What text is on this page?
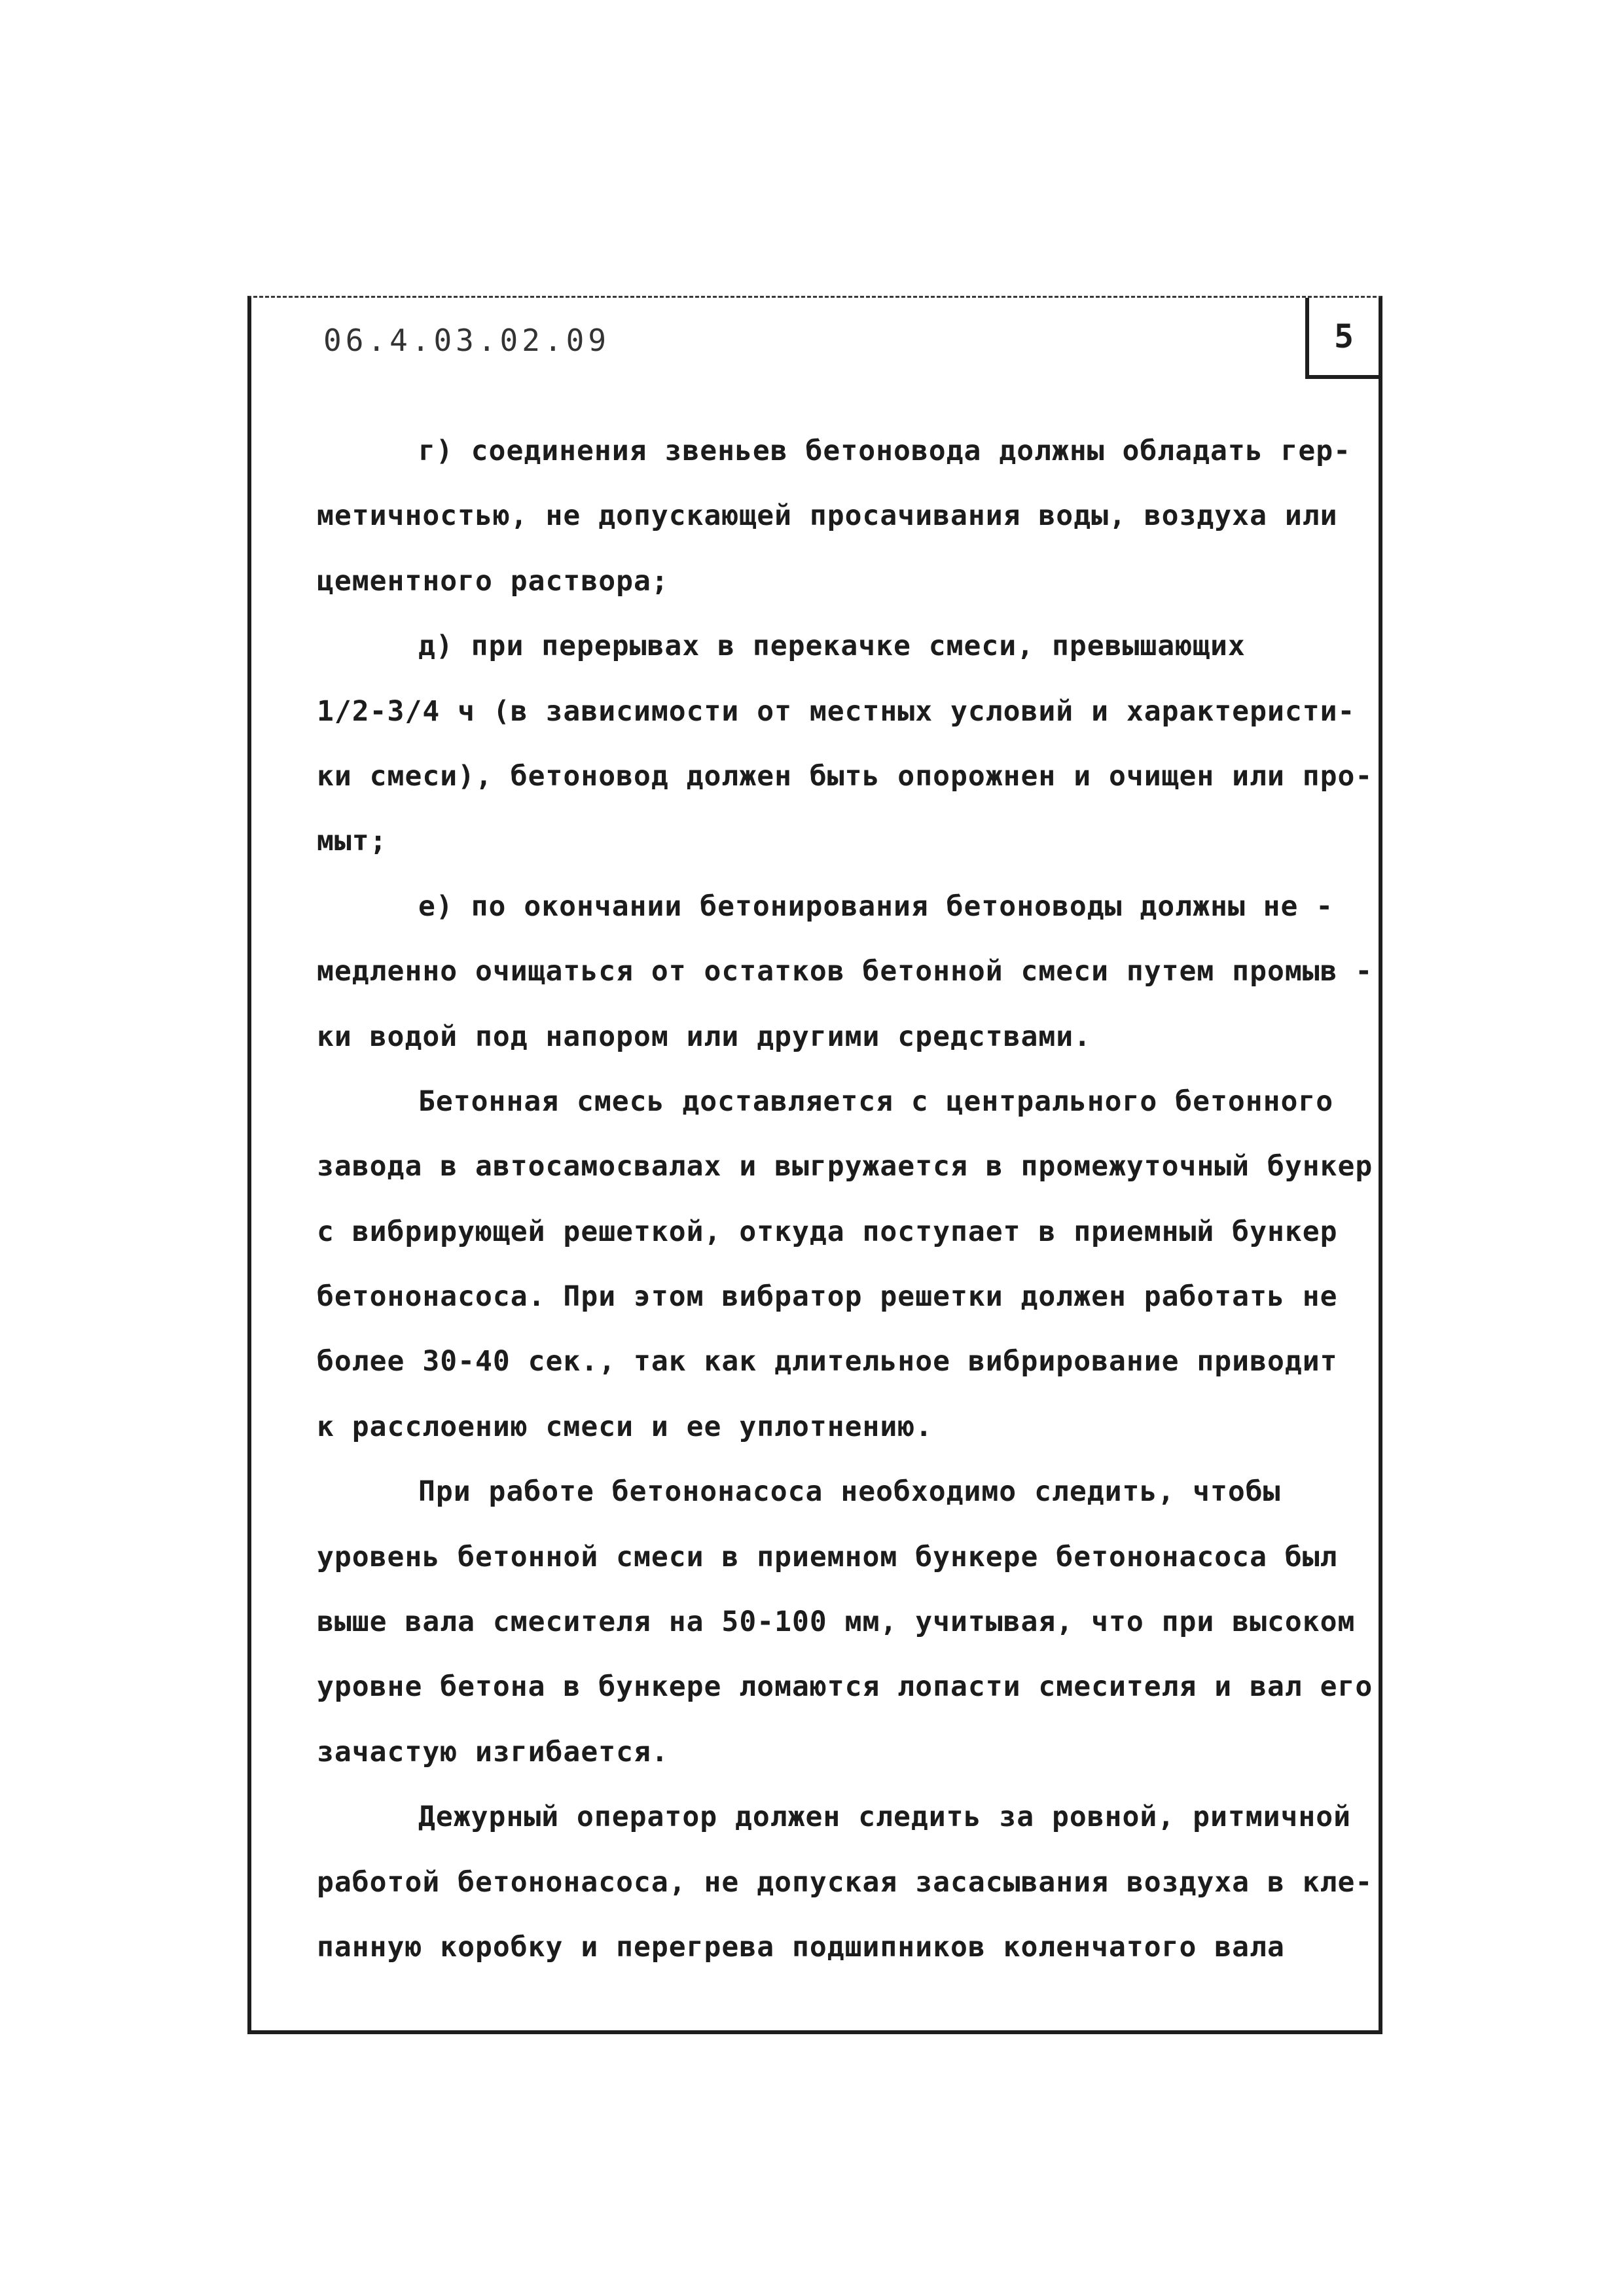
06.4.03.02.09	5
г) соединения звеньев бетоновода должны обладать гер-
метичностью, не допускающей просачивания воды, воздуха или
цементного раствора;
д) при перерывах в перекачке смеси, превышающих
1/2-3/4 ч (в зависимости от местных условий и характеристи-
ки смеси), бетоновод должен быть опорожнен и очищен или про-
мыт;
е) по окончании бетонирования бетоноводы должны не -
медленно очищаться от остатков бетонной смеси путем промыв -
ки водой под напором или другими средствами.
Бетонная смесь доставляется с центрального бетонного
завода в автосамосвалах и выгружается в промежуточный бункер
с вибрирующей решеткой, откуда поступает в приемный бункер
бетононасоса. При этом вибратор решетки должен работать не
более 30-40 сек., так как длительное вибрирование приводит
к расслоению смеси и ее уплотнению.
При работе бетононасоса необходимо следить, чтобы
уровень бетонной смеси в приемном бункере бетононасоса был
выше вала смесителя на 50-100 мм, учитывая, что при высоком
уровне бетона в бункере ломаются лопасти смесителя и вал его
зачастую изгибается.
Дежурный оператор должен следить за ровной, ритмичной
работой бетононасоса, не допуская засасывания воздуха в кле-
панную коробку и перегрева подшипников коленчатого вала
